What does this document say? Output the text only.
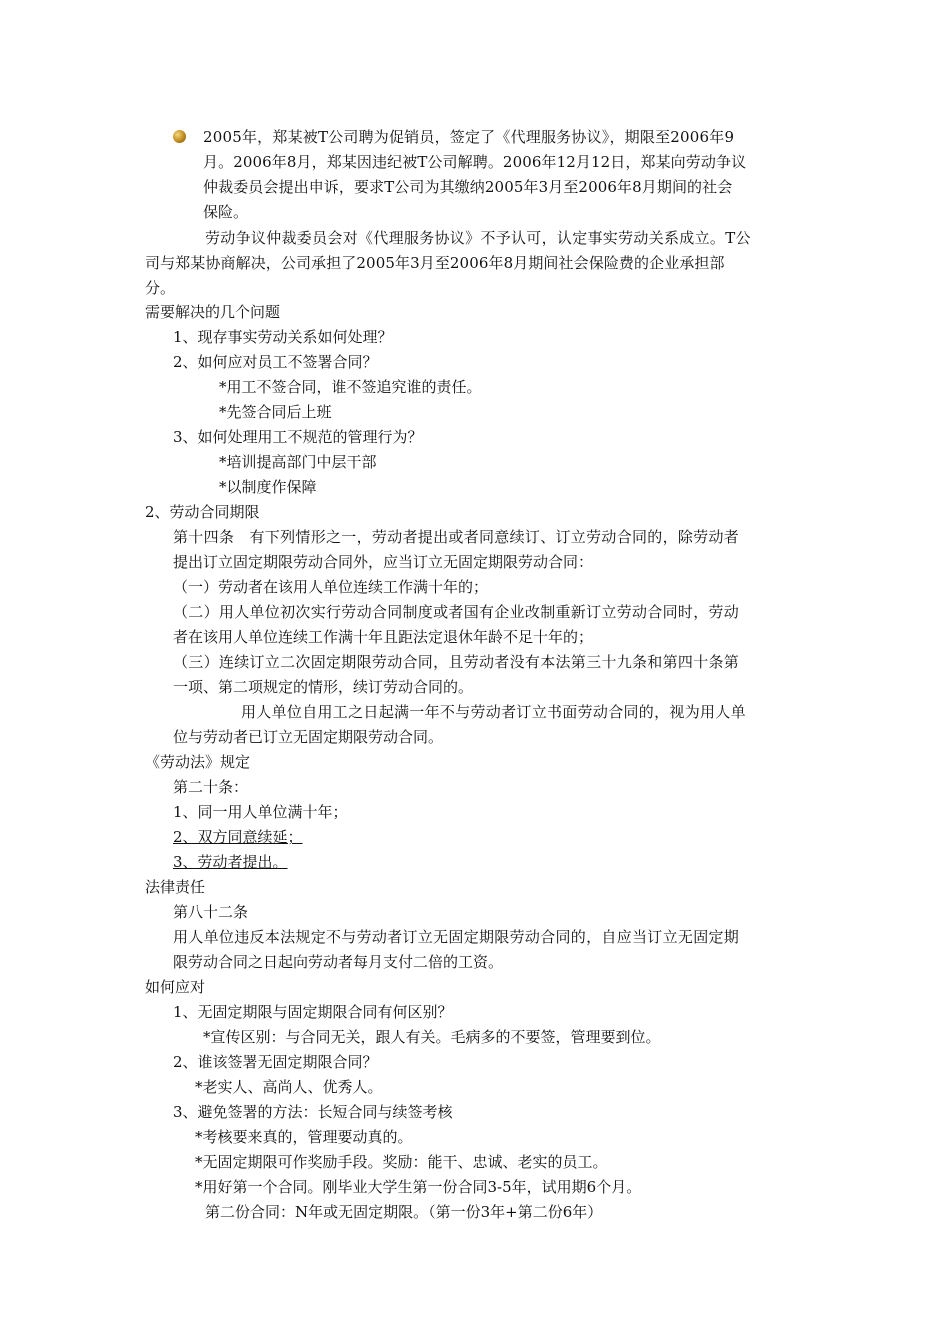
2005年，郑某被T公司聘为促销员，签定了《代理服务协议》，期限至2006年9
月。2006年8月，郑某因违纪被T公司解聘。2006年12月12日，郑某向劳动争议
仲裁委员会提出申诉，要求T公司为其缴纳2005年3月至2006年8月期间的社会
保险。
劳动争议仲裁委员会对《代理服务协议》不予认可，认定事实劳动关系成立。T公
司与郑某协商解决，公司承担了2005年3月至2006年8月期间社会保险费的企业承担部
分。
需要解决的几个问题
1、现存事实劳动关系如何处理？
2、如何应对员工不签署合同？
*用工不签合同，谁不签追究谁的责任。
*先签合同后上班
3、如何处理用工不规范的管理行为？
*培训提高部门中层干部
*以制度作保障
2、劳动合同期限
第十四条　有下列情形之一，劳动者提出或者同意续订、订立劳动合同的，除劳动者
提出订立固定期限劳动合同外，应当订立无固定期限劳动合同：
（一）劳动者在该用人单位连续工作满十年的；
（二）用人单位初次实行劳动合同制度或者国有企业改制重新订立劳动合同时，劳动
者在该用人单位连续工作满十年且距法定退休年龄不足十年的；
（三）连续订立二次固定期限劳动合同，且劳动者没有本法第三十九条和第四十条第
一项、第二项规定的情形，续订劳动合同的。
用人单位自用工之日起满一年不与劳动者订立书面劳动合同的，视为用人单
位与劳动者已订立无固定期限劳动合同。
《劳动法》规定
第二十条：
1、同一用人单位满十年；
2、双方同意续延；
3、劳动者提出。
法律责任
第八十二条
用人单位违反本法规定不与劳动者订立无固定期限劳动合同的，自应当订立无固定期
限劳动合同之日起向劳动者每月支付二倍的工资。
如何应对
1、无固定期限与固定期限合同有何区别？
*宣传区别：与合同无关，跟人有关。毛病多的不要签，管理要到位。
2、谁该签署无固定期限合同？
*老实人、高尚人、优秀人。
3、避免签署的方法：长短合同与续签考核
*考核要来真的，管理要动真的。
*无固定期限可作奖励手段。奖励：能干、忠诚、老实的员工。
*用好第一个合同。刚毕业大学生第一份合同3-5年，试用期6个月。
第二份合同：N年或无固定期限。（第一份3年+第二份6年）
